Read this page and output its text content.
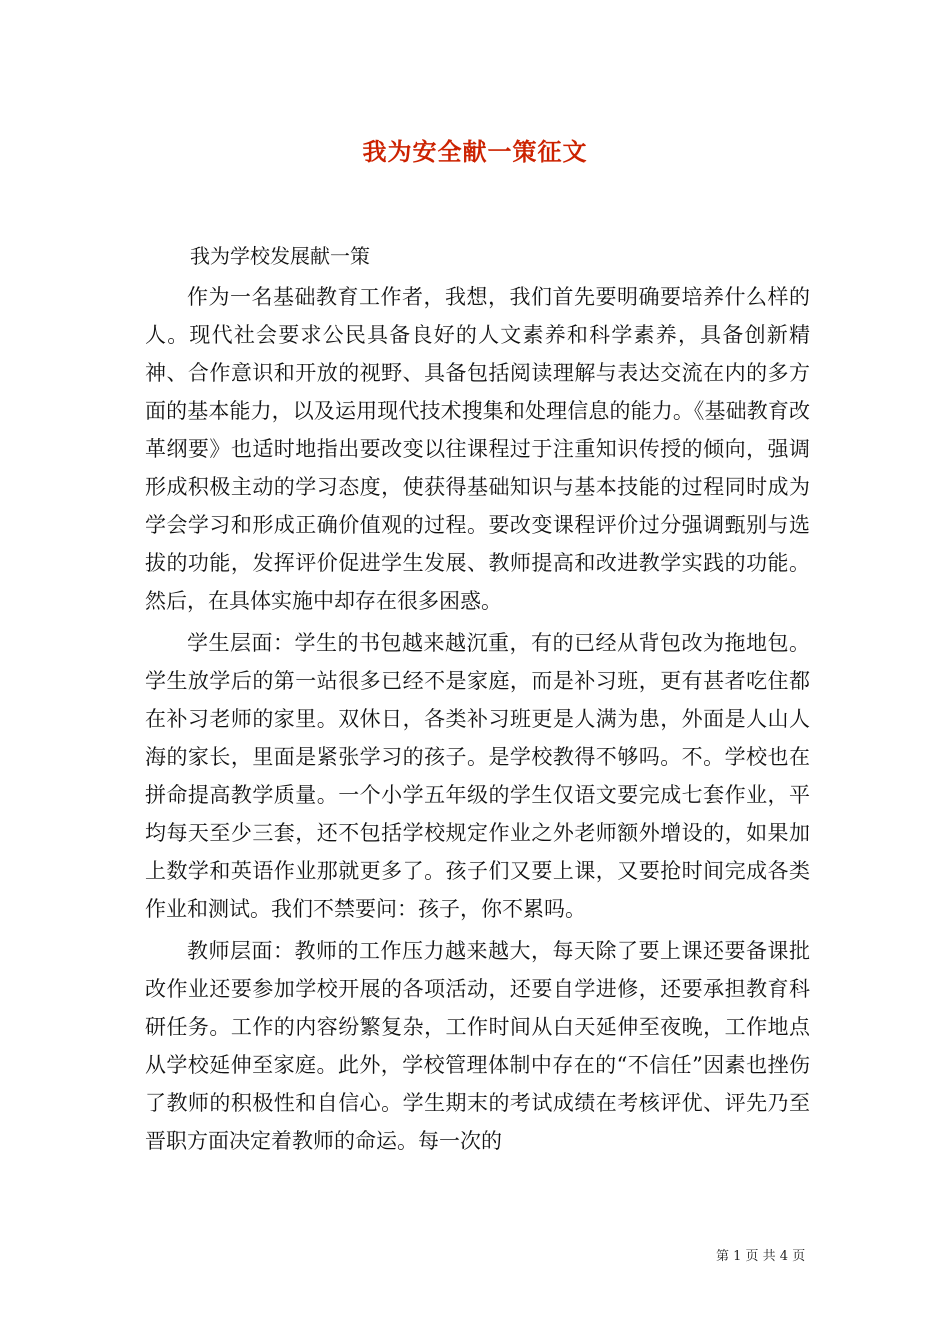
我为安全献一策征文
我为学校发展献一策

作为一名基础教育工作者，我想，我们首先要明确要培养什么样的人。现代社会要求公民具备良好的人文素养和科学素养，具备创新精神、合作意识和开放的视野、具备包括阅读理解与表达交流在内的多方面的基本能力，以及运用现代技术搜集和处理信息的能力。《基础教育改革纲要》也适时地指出要改变以往课程过于注重知识传授的倾向，强调形成积极主动的学习态度，使获得基础知识与基本技能的过程同时成为学会学习和形成正确价值观的过程。要改变课程评价过分强调甄别与选拔的功能，发挥评价促进学生发展、教师提高和改进教学实践的功能。然后，在具体实施中却存在很多困惑。

学生层面：学生的书包越来越沉重，有的已经从背包改为拖地包。学生放学后的第一站很多已经不是家庭，而是补习班，更有甚者吃住都在补习老师的家里。双休日，各类补习班更是人满为患，外面是人山人海的家长，里面是紧张学习的孩子。是学校教得不够吗。不。学校也在拼命提高教学质量。一个小学五年级的学生仅语文要完成七套作业，平均每天至少三套，还不包括学校规定作业之外老师额外增设的，如果加上数学和英语作业那就更多了。孩子们又要上课，又要抢时间完成各类作业和测试。我们不禁要问：孩子，你不累吗。

教师层面：教师的工作压力越来越大，每天除了要上课还要备课批改作业还要参加学校开展的各项活动，还要自学进修，还要承担教育科研任务。工作的内容纷繁复杂，工作时间从白天延伸至夜晚，工作地点从学校延伸至家庭。此外，学校管理体制中存在的“不信任”因素也挫伤了教师的积极性和自信心。学生期末的考试成绩在考核评优、评先乃至晋职方面决定着教师的命运。每一次的

第 1 页 共 4 页
